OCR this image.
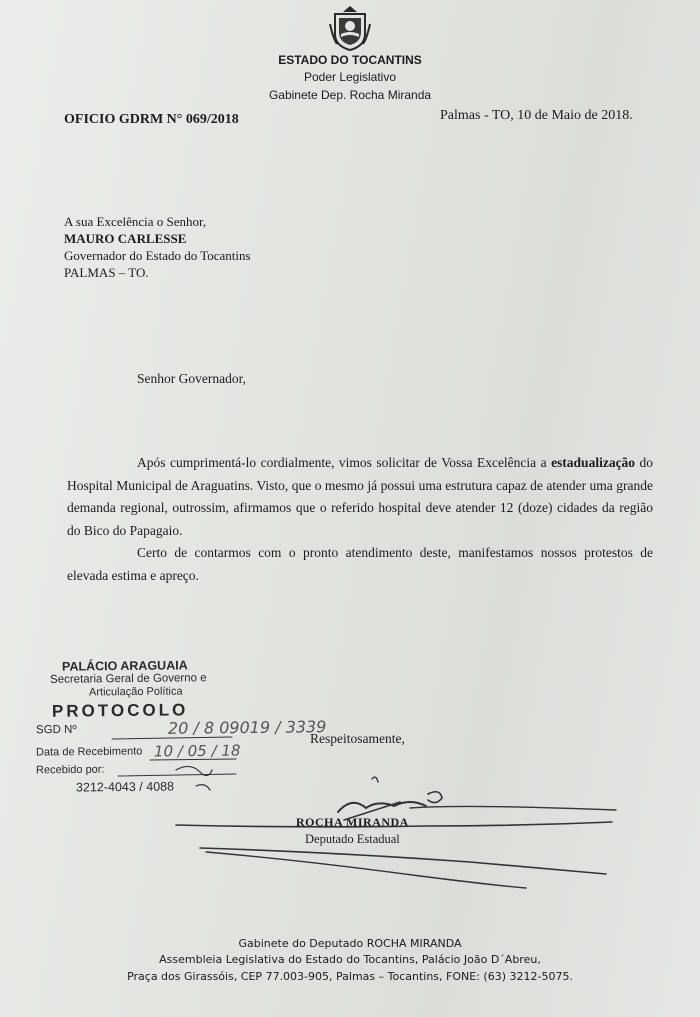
ESTADO DO TOCANTINS
Poder Legislativo
Gabinete Dep. Rocha Miranda
OFICIO GDRM N° 069/2018	Palmas - TO, 10 de Maio de 2018.
A sua Excelência o Senhor,
MAURO CARLESSE
Governador do Estado do Tocantins
PALMAS – TO.
Senhor Governador,

Após cumprimentá-lo cordialmente, vimos solicitar de Vossa Excelência a estadualização do Hospital Municipal de Araguatins. Visto, que o mesmo já possui uma estrutura capaz de atender uma grande demanda regional, outrossim, afirmamos que o referido hospital deve atender 12 (doze) cidades da região do Bico do Papagaio.

Certo de contarmos com o pronto atendimento deste, manifestamos nossos protestos de elevada estima e apreço.

PALÁCIO ARAGUAIA
Secretaria Geral de Governo e
Articulação Política
PROTOCOLO
SGD Nº	20 / 8 09019 / 3339
Data de Recebimento 10 / 05 / 18
Recebido por:
3212-4043 / 4088
Respeitosamente,
ROCHA MIRANDA
Deputado Estadual
Gabinete do Deputado ROCHA MIRANDA
Assembleia Legislativa do Estado do Tocantins, Palácio João D´Abreu,
Praça dos Girassóis, CEP 77.003-905, Palmas – Tocantins, FONE: (63) 3212-5075.
